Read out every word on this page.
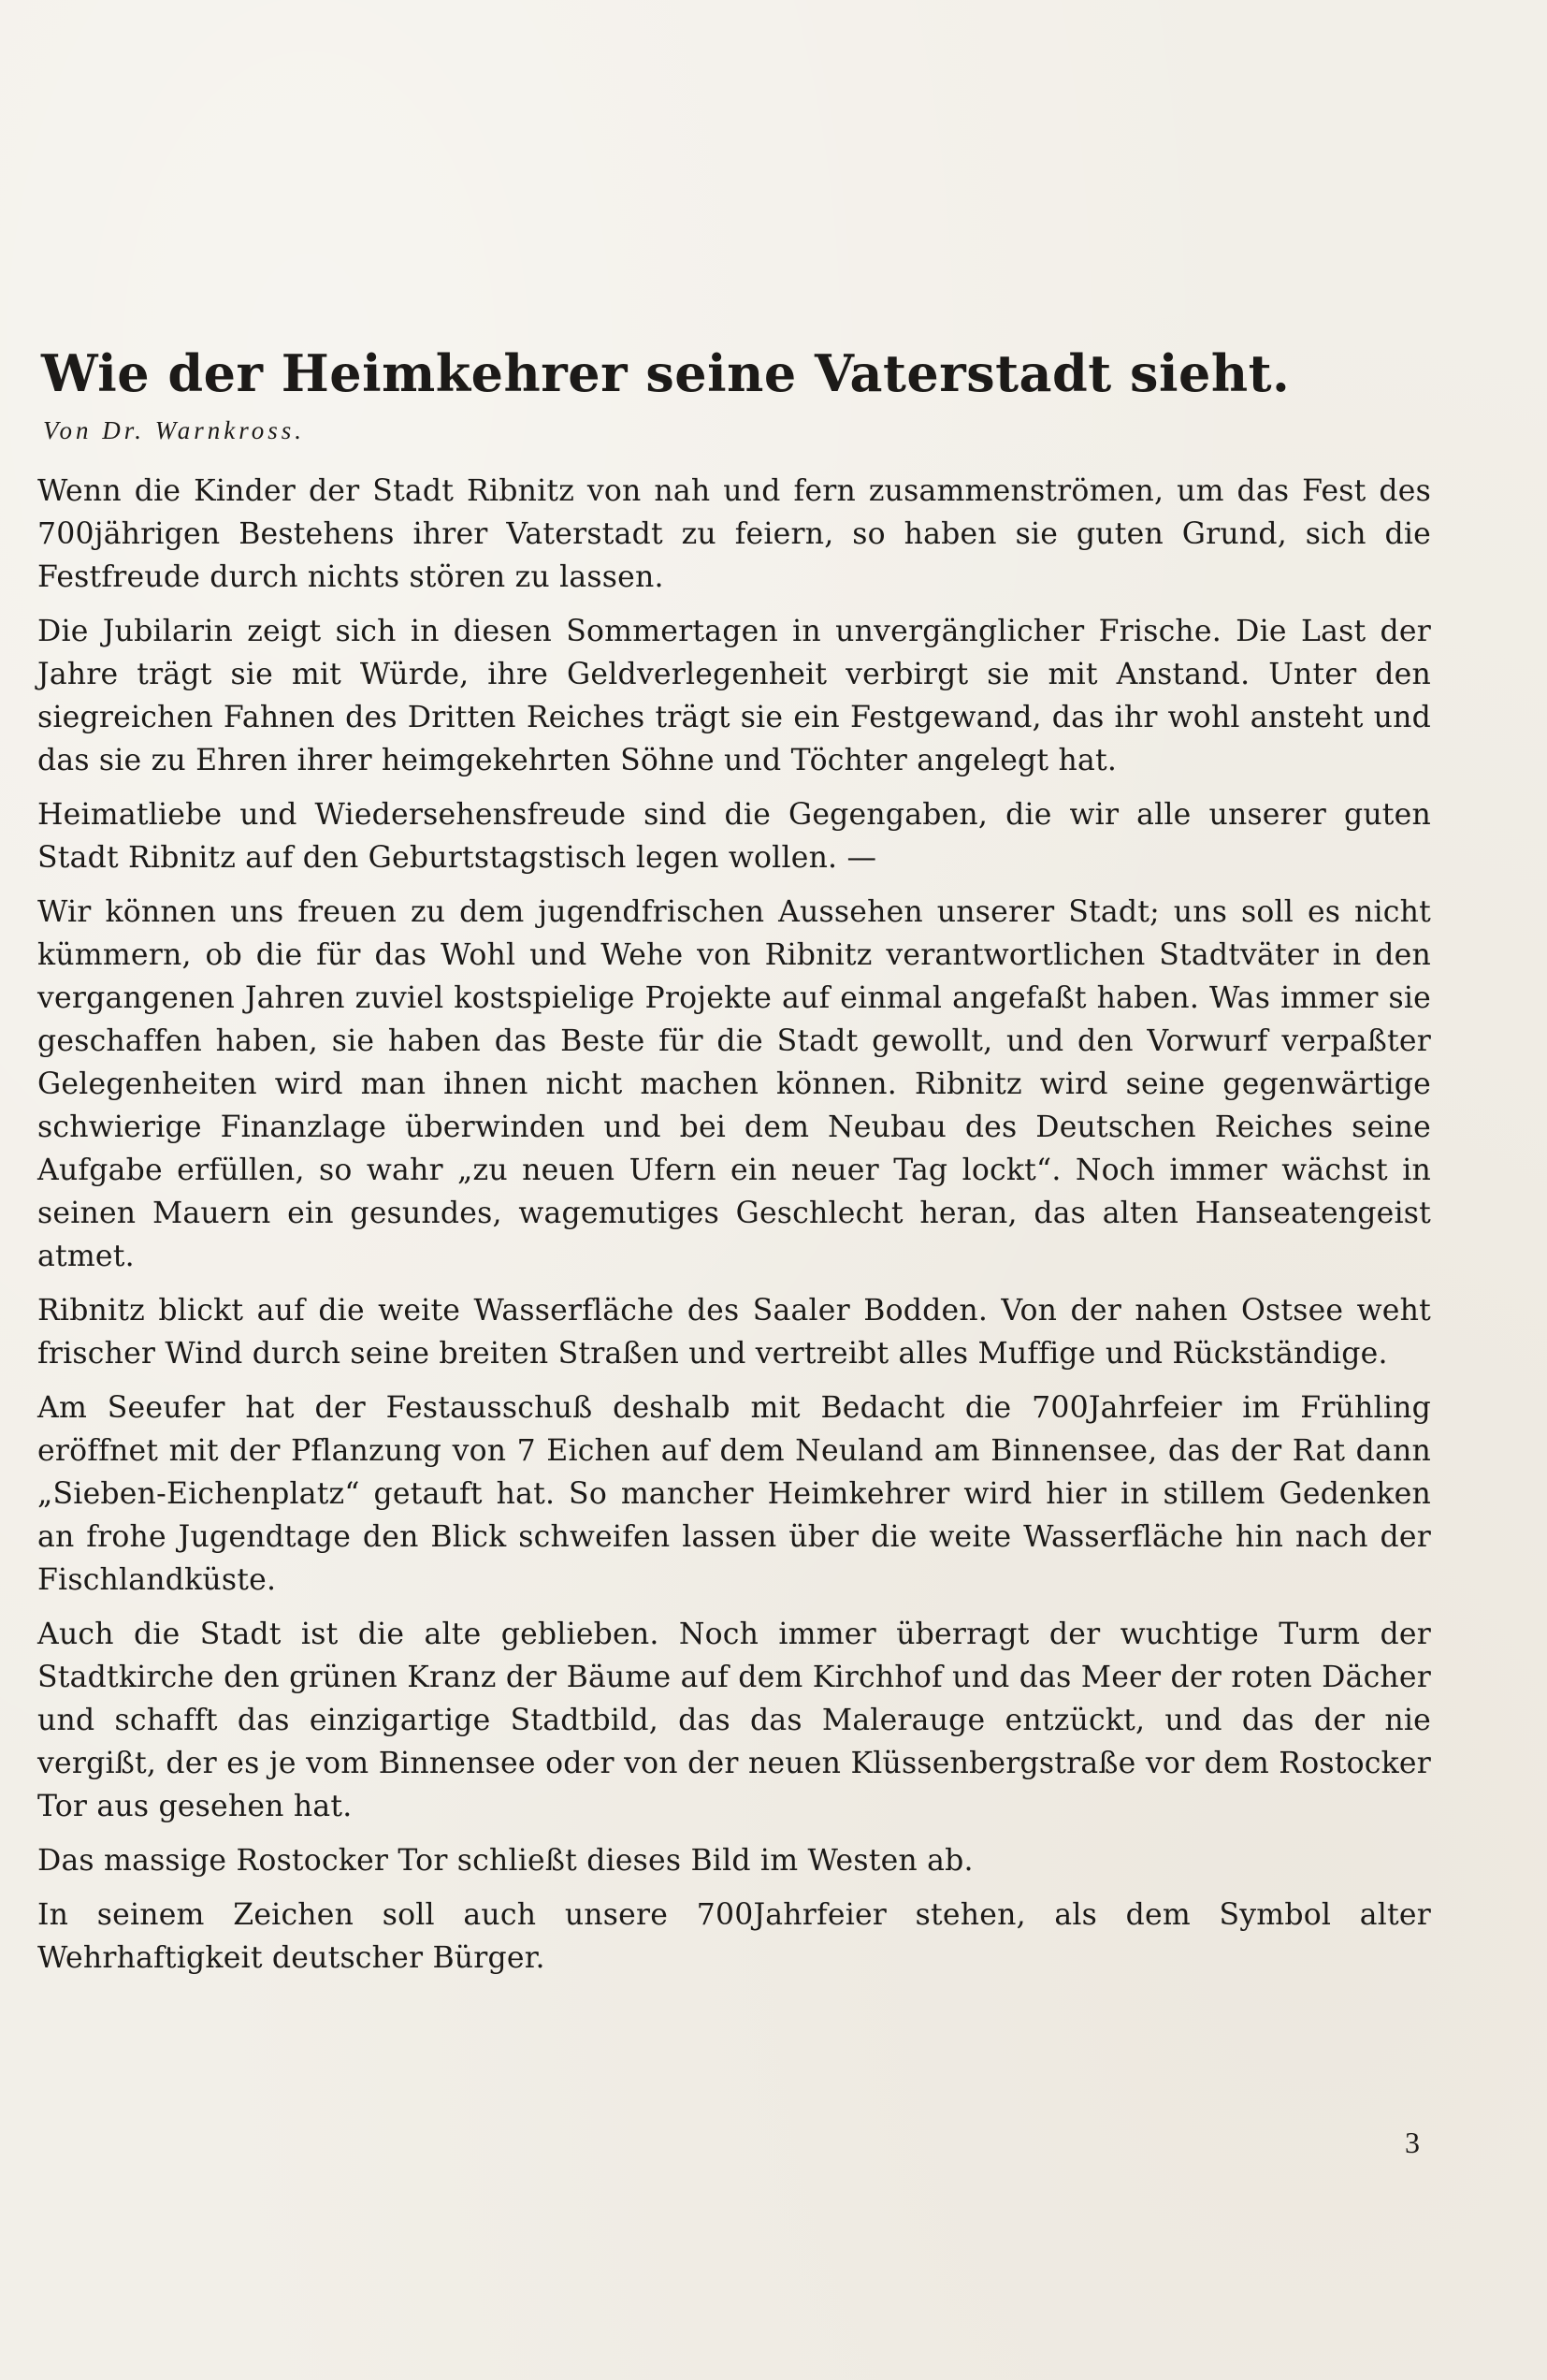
Wie der Heimkehrer seine Vaterstadt sieht.
Von Dr. Warnkross.

Wenn die Kinder der Stadt Ribnitz von nah und fern zusammenströmen, um das Fest des 700jährigen Bestehens ihrer Vaterstadt zu feiern, so haben sie guten Grund, sich die Festfreude durch nichts stören zu lassen.

Die Jubilarin zeigt sich in diesen Sommertagen in unvergänglicher Frische. Die Last der Jahre trägt sie mit Würde, ihre Geldverlegenheit verbirgt sie mit Anstand. Unter den siegreichen Fahnen des Dritten Reiches trägt sie ein Festgewand, das ihr wohl ansteht und das sie zu Ehren ihrer heimgekehrten Söhne und Töchter angelegt hat.

Heimatliebe und Wiedersehensfreude sind die Gegengaben, die wir alle unserer guten Stadt Ribnitz auf den Geburtstagstisch legen wollen. —

Wir können uns freuen zu dem jugendfrischen Aussehen unserer Stadt; uns soll es nicht kümmern, ob die für das Wohl und Wehe von Ribnitz verantwortlichen Stadtväter in den vergangenen Jahren zuviel kostspielige Projekte auf einmal angefaßt haben. Was immer sie geschaffen haben, sie haben das Beste für die Stadt gewollt, und den Vorwurf verpaßter Gelegenheiten wird man ihnen nicht machen können. Ribnitz wird seine gegenwärtige schwierige Finanzlage überwinden und bei dem Neubau des Deutschen Reiches seine Aufgabe erfüllen, so wahr „zu neuen Ufern ein neuer Tag lockt“. Noch immer wächst in seinen Mauern ein gesundes, wagemutiges Geschlecht heran, das alten Hanseatengeist atmet.

Ribnitz blickt auf die weite Wasserfläche des Saaler Bodden. Von der nahen Ostsee weht frischer Wind durch seine breiten Straßen und vertreibt alles Muffige und Rückständige.

Am Seeufer hat der Festausschuß deshalb mit Bedacht die 700Jahrfeier im Frühling eröffnet mit der Pflanzung von 7 Eichen auf dem Neuland am Binnensee, das der Rat dann „Sieben-Eichenplatz“ getauft hat. So mancher Heimkehrer wird hier in stillem Gedenken an frohe Jugendtage den Blick schweifen lassen über die weite Wasserfläche hin nach der Fischlandküste.

Auch die Stadt ist die alte geblieben. Noch immer überragt der wuchtige Turm der Stadtkirche den grünen Kranz der Bäume auf dem Kirchhof und das Meer der roten Dächer und schafft das einzigartige Stadtbild, das das Malerauge entzückt, und das der nie vergißt, der es je vom Binnensee oder von der neuen Klüssenbergstraße vor dem Rostocker Tor aus gesehen hat.

Das massige Rostocker Tor schließt dieses Bild im Westen ab.

In seinem Zeichen soll auch unsere 700Jahrfeier stehen, als dem Symbol alter Wehrhaftigkeit deutscher Bürger.

3
